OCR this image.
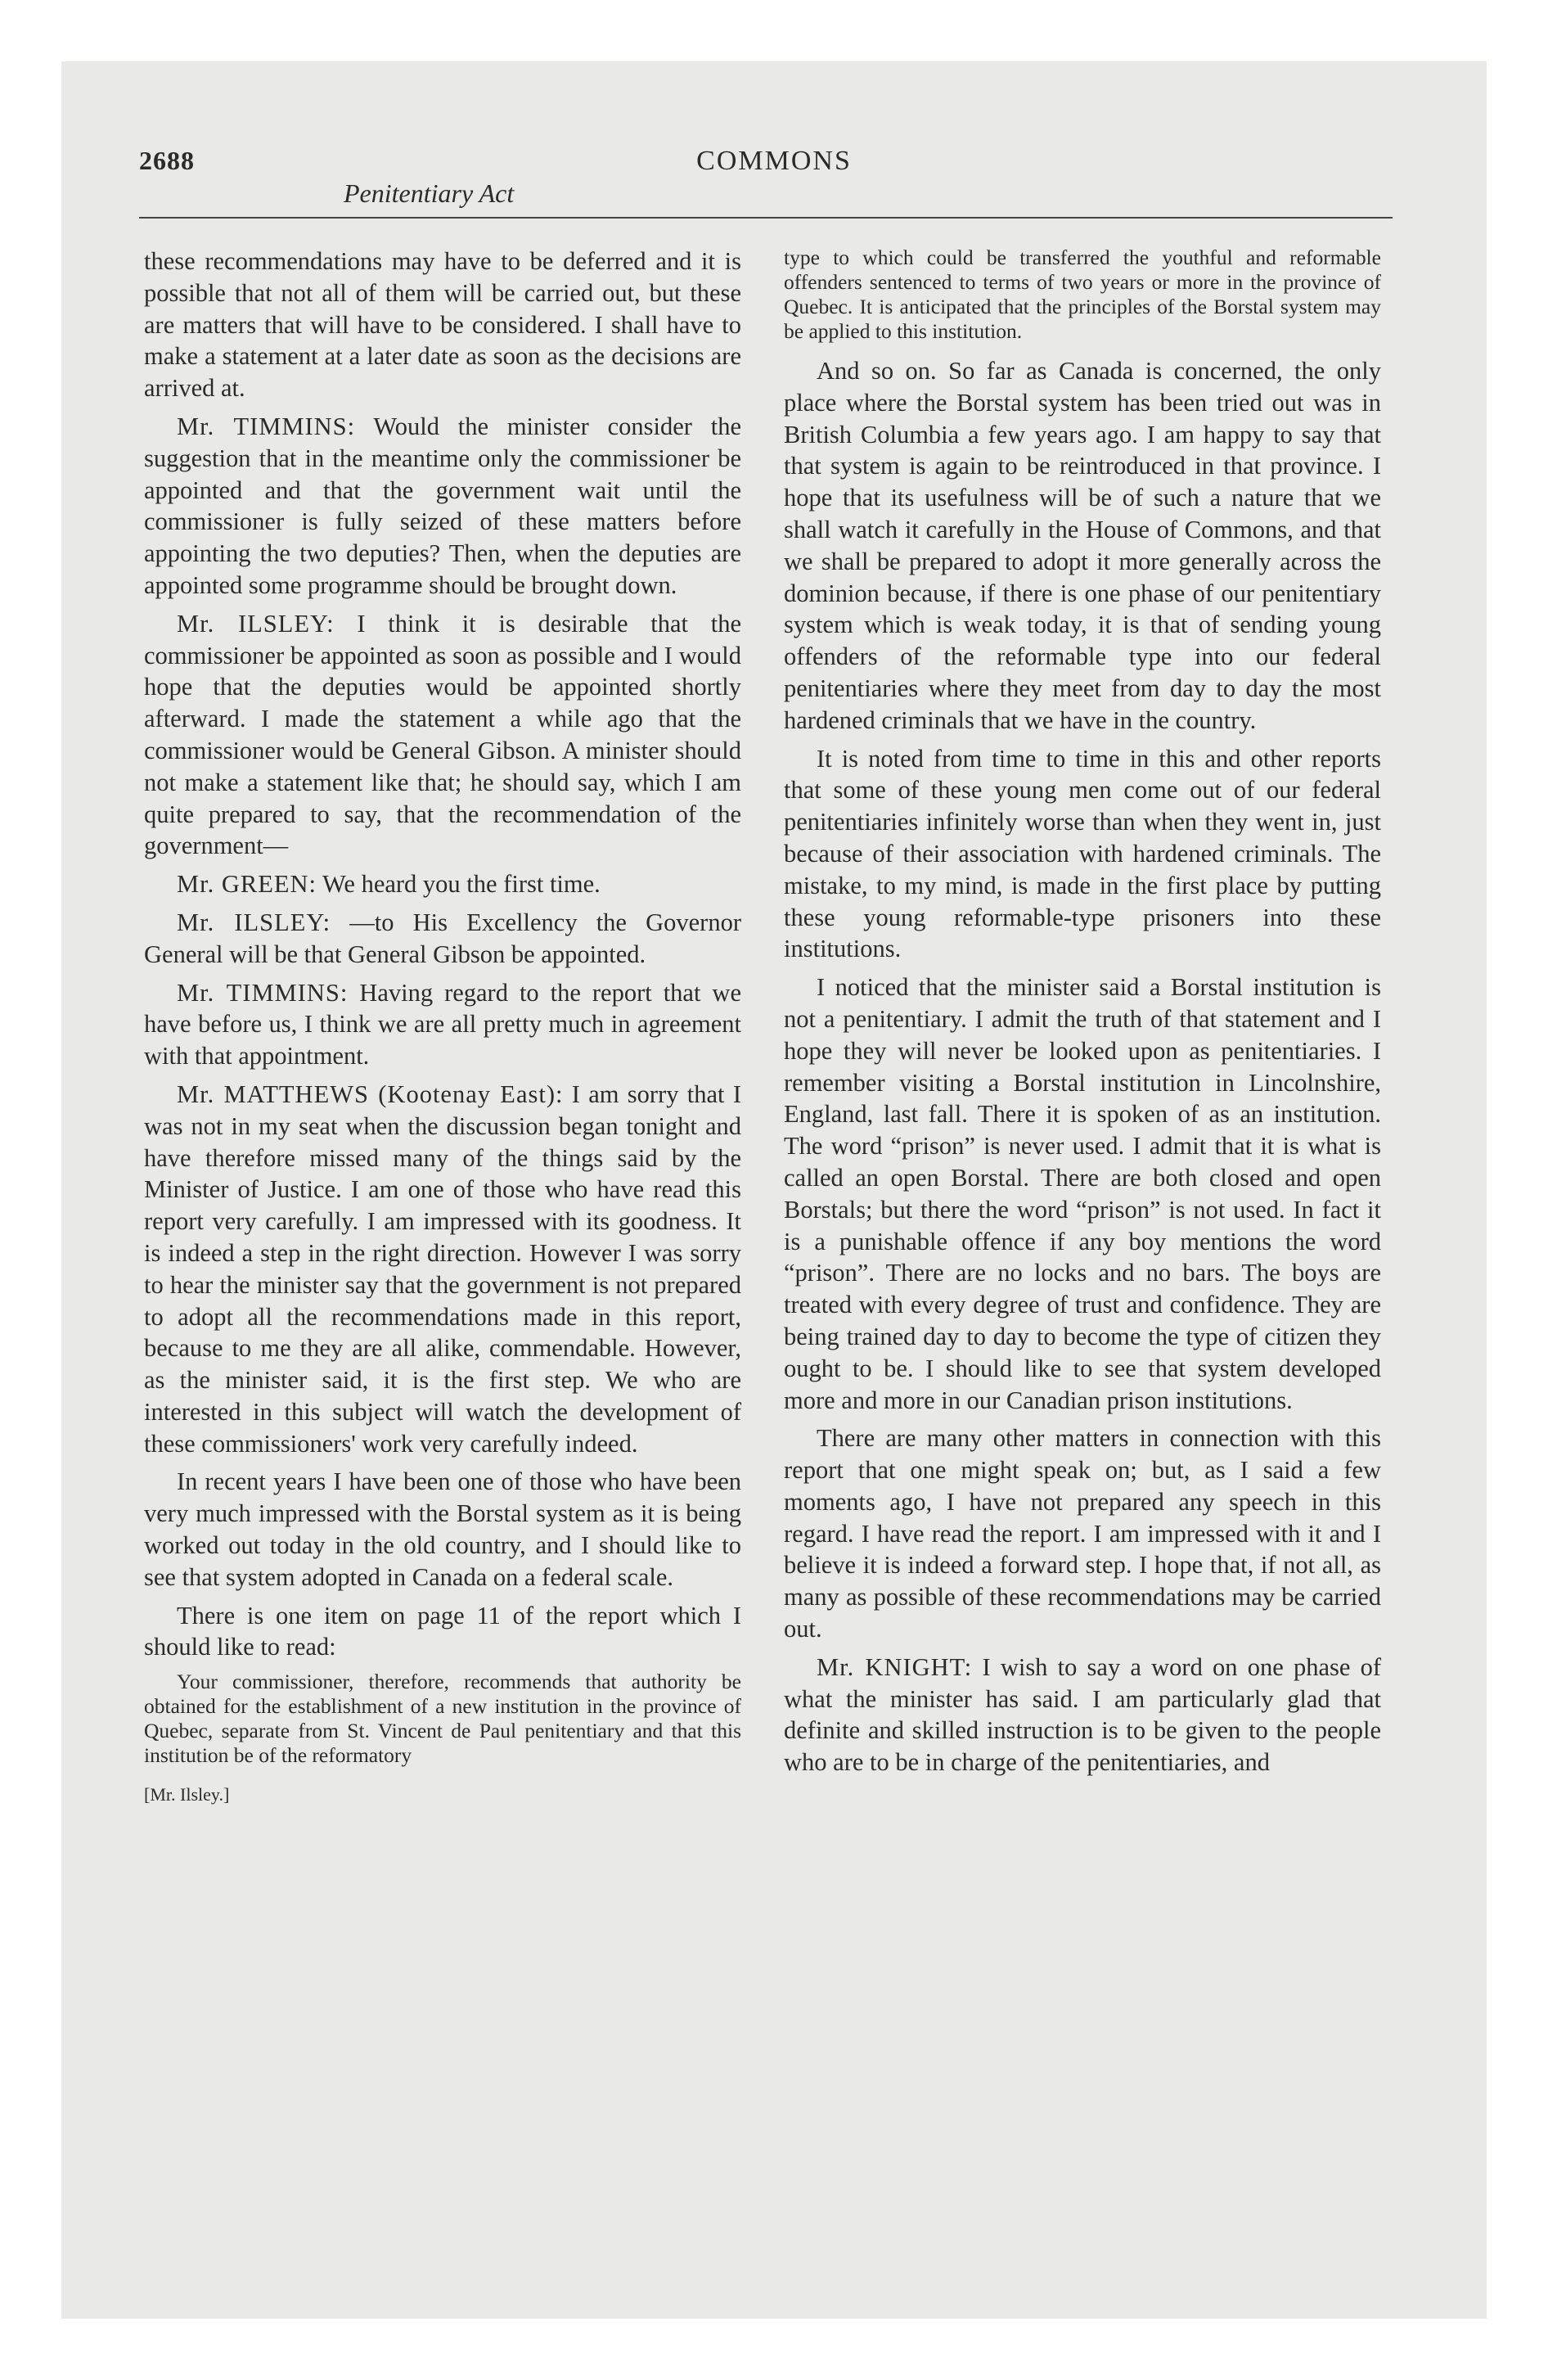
2688	COMMONS
Penitentiary Act

these recommendations may have to be deferred and it is possible that not all of them will be carried out, but these are matters that will have to be considered. I shall have to make a statement at a later date as soon as the decisions are arrived at.

Mr. TIMMINS: Would the minister consider the suggestion that in the meantime only the commissioner be appointed and that the government wait until the commissioner is fully seized of these matters before appointing the two deputies? Then, when the deputies are appointed some programme should be brought down.

Mr. ILSLEY: I think it is desirable that the commissioner be appointed as soon as possible and I would hope that the deputies would be appointed shortly afterward. I made the statement a while ago that the commissioner would be General Gibson. A minister should not make a statement like that; he should say, which I am quite prepared to say, that the recommendation of the government—

Mr. GREEN: We heard you the first time.

Mr. ILSLEY: —to His Excellency the Governor General will be that General Gibson be appointed.

Mr. TIMMINS: Having regard to the report that we have before us, I think we are all pretty much in agreement with that appointment.

Mr. MATTHEWS (Kootenay East): I am sorry that I was not in my seat when the discussion began tonight and have therefore missed many of the things said by the Minister of Justice. I am one of those who have read this report very carefully. I am impressed with its goodness. It is indeed a step in the right direction. However I was sorry to hear the minister say that the government is not prepared to adopt all the recommendations made in this report, because to me they are all alike, commendable. However, as the minister said, it is the first step. We who are interested in this subject will watch the development of these commissioners' work very carefully indeed.

In recent years I have been one of those who have been very much impressed with the Borstal system as it is being worked out today in the old country, and I should like to see that system adopted in Canada on a federal scale.

There is one item on page 11 of the report which I should like to read:

Your commissioner, therefore, recommends that authority be obtained for the establishment of a new institution in the province of Quebec, separate from St. Vincent de Paul penitentiary and that this institution be of the reformatory

[Mr. Ilsley.]

type to which could be transferred the youthful and reformable offenders sentenced to terms of two years or more in the province of Quebec. It is anticipated that the principles of the Borstal system may be applied to this institution.

And so on. So far as Canada is concerned, the only place where the Borstal system has been tried out was in British Columbia a few years ago. I am happy to say that that system is again to be reintroduced in that province. I hope that its usefulness will be of such a nature that we shall watch it carefully in the House of Commons, and that we shall be prepared to adopt it more generally across the dominion because, if there is one phase of our penitentiary system which is weak today, it is that of sending young offenders of the reformable type into our federal penitentiaries where they meet from day to day the most hardened criminals that we have in the country.

It is noted from time to time in this and other reports that some of these young men come out of our federal penitentiaries infinitely worse than when they went in, just because of their association with hardened criminals. The mistake, to my mind, is made in the first place by putting these young reformable-type prisoners into these institutions.

I noticed that the minister said a Borstal institution is not a penitentiary. I admit the truth of that statement and I hope they will never be looked upon as penitentiaries. I remember visiting a Borstal institution in Lincolnshire, England, last fall. There it is spoken of as an institution. The word “prison” is never used. I admit that it is what is called an open Borstal. There are both closed and open Borstals; but there the word “prison” is not used. In fact it is a punishable offence if any boy mentions the word “prison”. There are no locks and no bars. The boys are treated with every degree of trust and confidence. They are being trained day to day to become the type of citizen they ought to be. I should like to see that system developed more and more in our Canadian prison institutions.

There are many other matters in connection with this report that one might speak on; but, as I said a few moments ago, I have not prepared any speech in this regard. I have read the report. I am impressed with it and I believe it is indeed a forward step. I hope that, if not all, as many as possible of these recommendations may be carried out.

Mr. KNIGHT: I wish to say a word on one phase of what the minister has said. I am particularly glad that definite and skilled instruction is to be given to the people who are to be in charge of the penitentiaries, and
